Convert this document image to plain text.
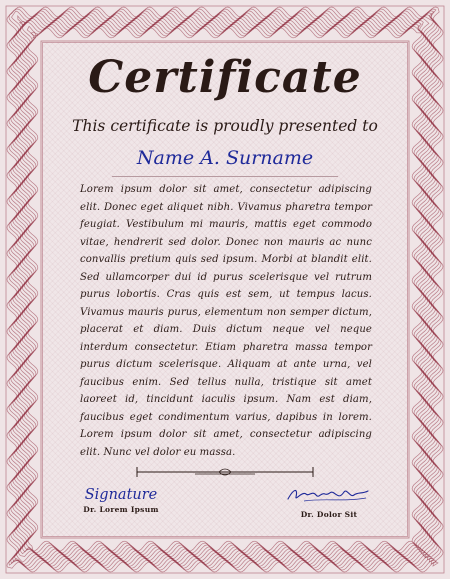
Certificate
This certificate is proudly presented to
Name A. Surname
Lorem ipsum dolor sit amet, consectetur adipiscing elit. Donec eget aliquet nibh. Vivamus pharetra tempor feugiat. Vestibulum mi mauris, mattis eget commodo vitae, hendrerit sed dolor. Donec non mauris ac nunc convallis pretium quis sed ipsum. Morbi at blandit elit. Sed ullamcorper dui id purus scelerisque vel rutrum purus lobortis. Cras quis est sem, ut tempus lacus. Vivamus mauris purus, elementum non semper dictum, placerat et diam. Duis dictum neque vel neque interdum consectetur. Etiam pharetra massa tempor purus dictum scelerisque. Aliquam at ante urna, vel faucibus enim. Sed tellus nulla, tristique sit amet laoreet id, tincidunt iaculis ipsum. Nam est diam, faucibus eget condimentum varius, dapibus in lorem. Lorem ipsum dolor sit amet, consectetur adipiscing elit. Nunc vel dolor eu massa.
Signature
Dr. Lorem Ipsum
Dr. Dolor Sit
